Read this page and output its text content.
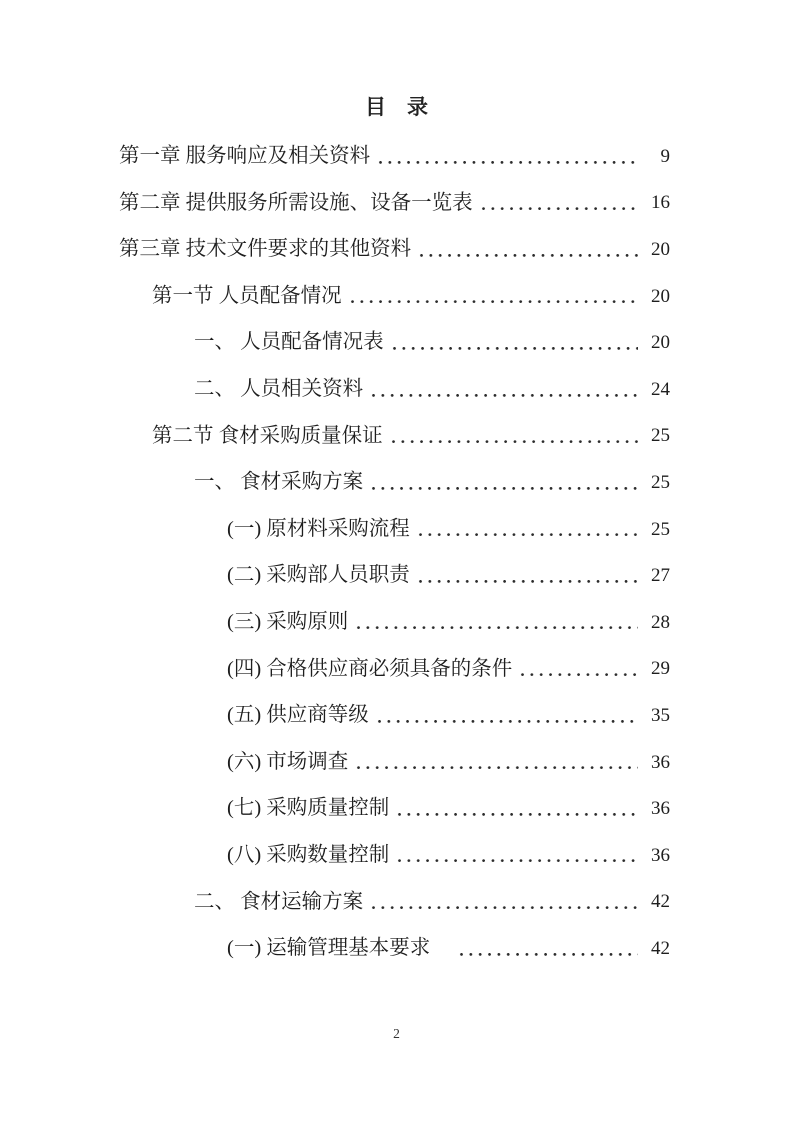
目　录
第一章 服务响应及相关资料	9
第二章 提供服务所需设施、设备一览表	16
第三章 技术文件要求的其他资料	20
第一节 人员配备情况	20
一、 人员配备情况表	20
二、 人员相关资料	24
第二节 食材采购质量保证	25
一、 食材采购方案	25
(一) 原材料采购流程	25
(二) 采购部人员职责	27
(三) 采购原则	28
(四) 合格供应商必须具备的条件	29
(五) 供应商等级	35
(六) 市场调查	36
(七) 采购质量控制	36
(八) 采购数量控制	36
二、 食材运输方案	42
(一) 运输管理基本要求	42
2
